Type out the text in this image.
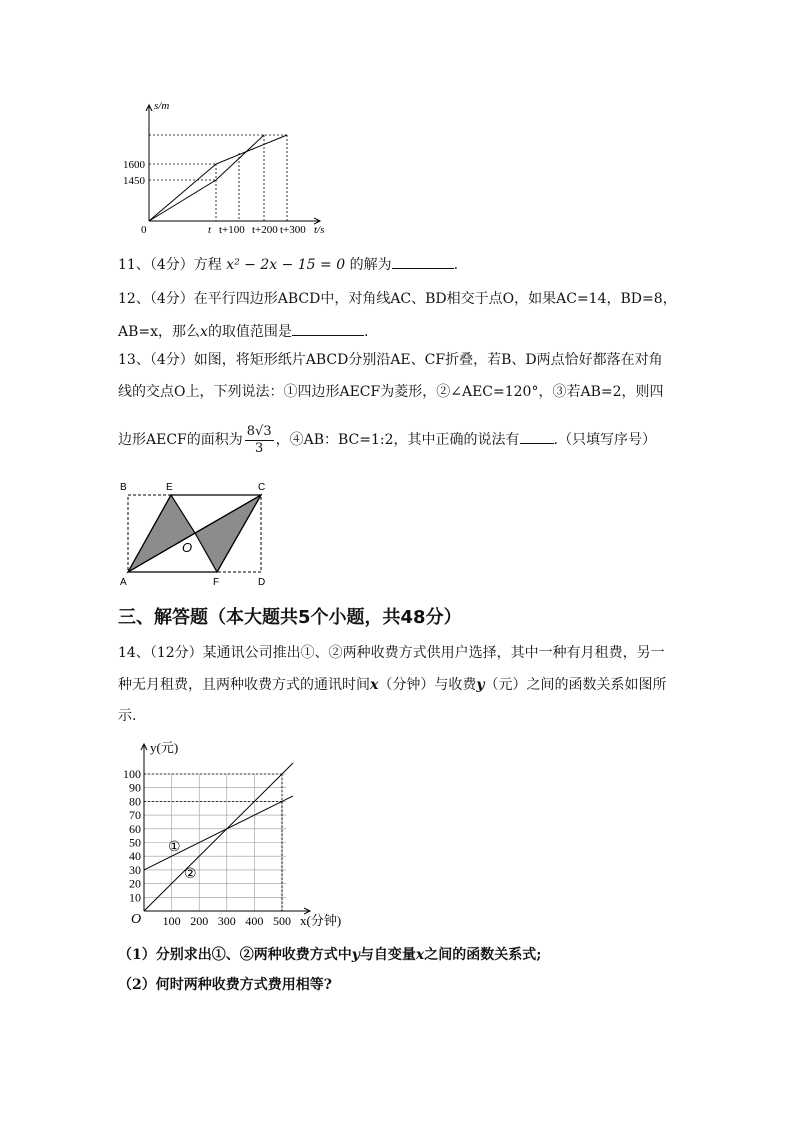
s/m
1600
1450
0	t t+100 t+200 t+300 t/s
11、（4分）方程 x² − 2x − 15 = 0 的解为	.
12、（4分）在平行四边形ABCD中，对角线AC、BD相交于点O，如果AC=14，BD=8，
AB=x，那么x的取值范围是	.
13、（4分）如图，将矩形纸片ABCD分别沿AE、CF折叠，若B、D两点恰好都落在对角
线的交点O上，下列说法：①四边形AECF为菱形，②∠AEC=120°，③若AB=2，则四
边形AECF的面积为 $\frac{8√3}{3}$ ，④AB：BC=1:2，其中正确的说法有 .（只填写序号）
B	E	C
O
A	F	D
三、解答题（本大题共5个小题，共48分）
14、（12分）某通讯公司推出①、②两种收费方式供用户选择，其中一种有月租费，另一
种无月租费，且两种收费方式的通讯时间x（分钟）与收费y（元）之间的函数关系如图所
示.
10
20
30
40
50
60
70
80
90
100
100 200 300 400 500
y(元)
x(分钟)
O
①
②
（1）分别求出①、②两种收费方式中y与自变量x之间的函数关系式;
（2）何时两种收费方式费用相等?
